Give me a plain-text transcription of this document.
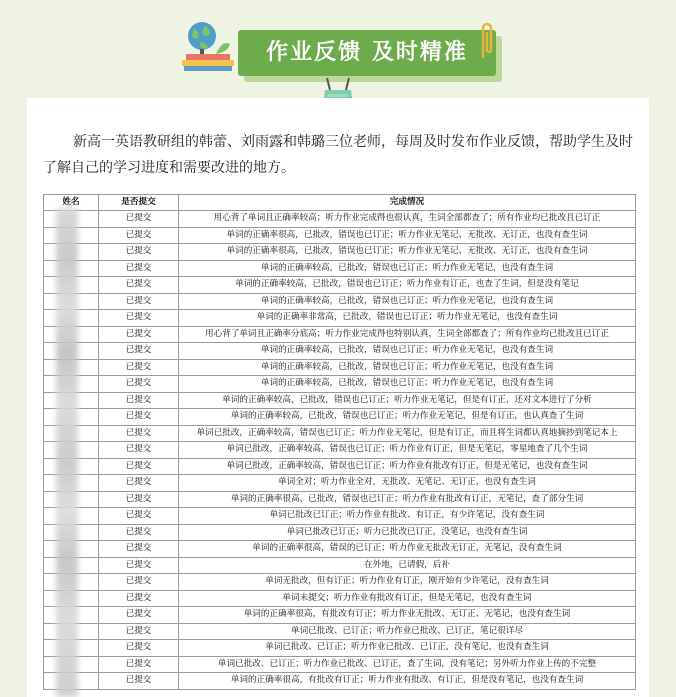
作业反馈 及时精准

新高一英语教研组的韩蕾、刘雨露和韩璐三位老师，每周及时发布作业反馈，帮助学生及时了解自己的学习进度和需要改进的地方。

姓名	是否提交	完成情况
	已提交	用心背了单词且正确率较高；听力作业完成得也很认真，生词全部都查了；所有作业均已批改且已订正
	已提交	单词的正确率很高，已批改，错误也已订正；听力作业无笔记、无批改、无订正，也没有查生词
	已提交	单词的正确率很高，已批改，错误也已订正；听力作业无笔记、无批改、无订正，也没有查生词
	已提交	单词的正确率较高，已批改，错误也已订正；听力作业无笔记，也没有查生词
	已提交	单词的正确率较高，已批改，错误也已订正；听力作业有订正，也查了生词，但是没有笔记
	已提交	单词的正确率较高，已批改，错误也已订正；听力作业无笔记，也没有查生词
	已提交	单词的正确率非常高，已批改，错误也已订正；听力作业无笔记，也没有查生词
	已提交	用心背了单词且正确率分底高；听力作业完成得也特别认真，生词全部都查了；所有作业均已批改且已订正
	已提交	单词的正确率较高，已批改，错误也已订正；听力作业无笔记，也没有查生词
	已提交	单词的正确率较高，已批改，错误也已订正；听力作业无笔记，也没有查生词
	已提交	单词的正确率较高，已批改，错误也已订正；听力作业无笔记，也没有查生词
	已提交	单词的正确率较高，已批改，错误也已订正；听力作业无笔记，但是有订正，还对文本进行了分析
	已提交	单词的正确率较高，已批改，错误也已订正；听力作业无笔记，但是有订正，也认真查了生词
	已提交	单词已批改，正确率较高，错误也已订正；听力作业无笔记，但是有订正，而且将生词都认真地摘抄到笔记本上
	已提交	单词已批改，正确率较高，错误也已订正；听力作业有订正，但是无笔记，零星地查了几个生词
	已提交	单词已批改，正确率较高，错误也已订正；听力作业有批改有订正，但是无笔记，也没有查生词
	已提交	单词全对；听力作业全对，无批改、无笔记、无订正，也没有查生词
	已提交	单词的正确率很高，已批改，错误也已订正；听力作业有批改有订正，无笔记，查了部分生词
	已提交	单词已批改已订正；听力作业有批改、有订正，有少许笔记，没有查生词
	已提交	单词已批改已订正；听力已批改已订正，没笔记，也没有查生词
	已提交	单词的正确率很高，错误的已订正；听力作业无批改无订正，无笔记，没有查生词
	已提交	在外地，已请假，后补
	已提交	单词无批改，但有订正；听力作业有订正，刚开始有少许笔记，没有查生词
	已提交	单词未提交；听力作业有批改有订正，但是无笔记，也没有查生词
	已提交	单词的正确率很高，有批改有订正；听力作业无批改、无订正、无笔记，也没有查生词
	已提交	单词已批改、已订正；听力作业已批改、已订正，笔记很详尽
	已提交	单词已批改、已订正；听力作业已批改、已订正，没有笔记，也没有查生词
	已提交	单词已批改、已订正；听力作业已批改、已订正，查了生词，没有笔记；另外听力作业上传的不完整
	已提交	单词的正确率很高，有批改有订正；听力作业有批改、有订正，但是没有笔记，也没有查生词
